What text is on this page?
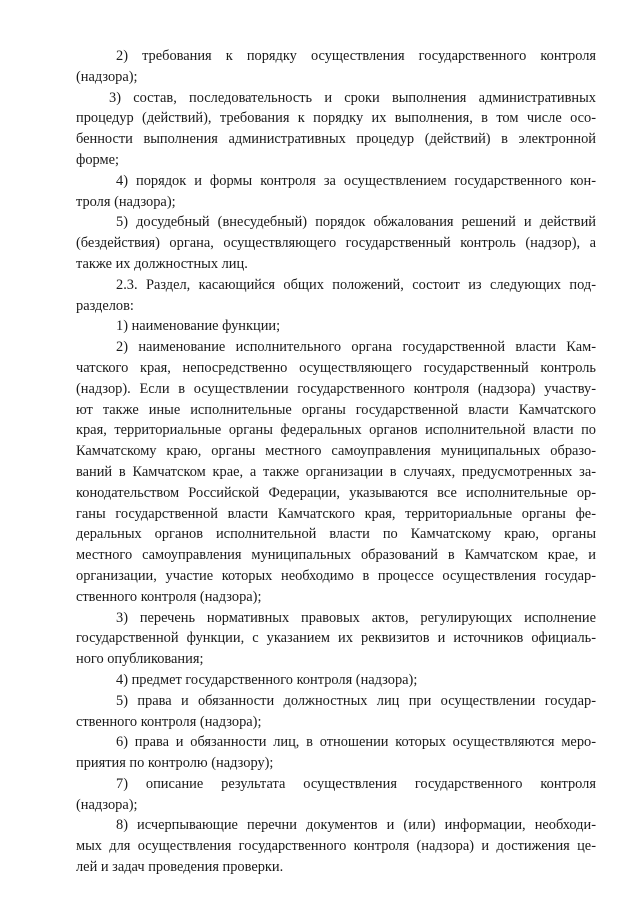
2) требования к порядку осуществления государственного контроля
(надзора);
3) состав, последовательность и сроки выполнения административных
процедур (действий), требования к порядку их выполнения, в том числе осо-
бенности выполнения административных процедур (действий) в электронной
форме;
4) порядок и формы контроля за осуществлением государственного кон-
троля (надзора);
5) досудебный (внесудебный) порядок обжалования решений и действий
(бездействия) органа, осуществляющего государственный контроль (надзор), а
также их должностных лиц.
2.3. Раздел, касающийся общих положений, состоит из следующих под-
разделов:
1) наименование функции;
2) наименование исполнительного органа государственной власти Кам-
чатского края, непосредственно осуществляющего государственный контроль
(надзор). Если в осуществлении государственного контроля (надзора) участву-
ют также иные исполнительные органы государственной власти Камчатского
края, территориальные органы федеральных органов исполнительной власти по
Камчатскому краю, органы местного самоуправления муниципальных образо-
ваний в Камчатском крае, а также организации в случаях, предусмотренных за-
конодательством Российской Федерации, указываются все исполнительные ор-
ганы государственной власти Камчатского края, территориальные органы фе-
деральных органов исполнительной власти по Камчатскому краю, органы
местного самоуправления муниципальных образований в Камчатском крае, и
организации, участие которых необходимо в процессе осуществления государ-
ственного контроля (надзора);
3) перечень нормативных правовых актов, регулирующих исполнение
государственной функции, с указанием их реквизитов и источников официаль-
ного опубликования;
4) предмет государственного контроля (надзора);
5) права и обязанности должностных лиц при осуществлении государ-
ственного контроля (надзора);
6) права и обязанности лиц, в отношении которых осуществляются меро-
приятия по контролю (надзору);
7) описание результата осуществления государственного контроля
(надзора);
8) исчерпывающие перечни документов и (или) информации, необходи-
мых для осуществления государственного контроля (надзора) и достижения це-
лей и задач проведения проверки.
